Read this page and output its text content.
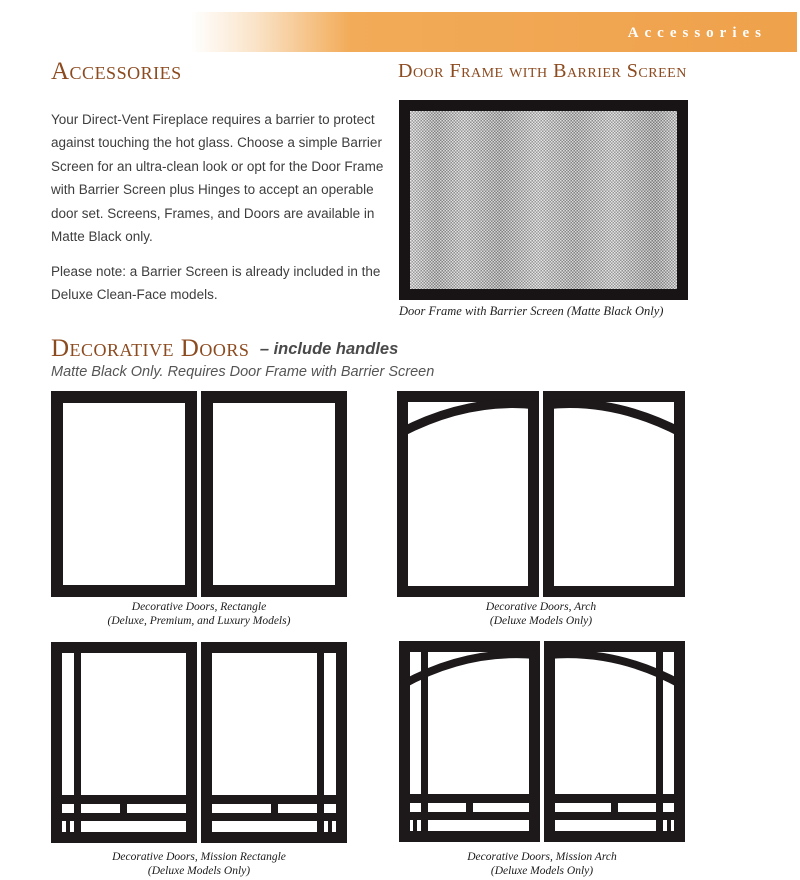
Accessories
Accessories

Your Direct-Vent Fireplace requires a barrier to protect against touching the hot glass. Choose a simple Barrier Screen for an ultra-clean look or opt for the Door Frame with Barrier Screen plus Hinges to accept an operable door set. Screens, Frames, and Doors are available in Matte Black only.

Please note: a Barrier Screen is already included in the Deluxe Clean-Face models.

Door Frame with Barrier Screen
Door Frame with Barrier Screen (Matte Black Only)
Decorative Doors – include handles
Matte Black Only. Requires Door Frame with Barrier Screen
Decorative Doors, Rectangle
(Deluxe, Premium, and Luxury Models)
Decorative Doors, Arch
(Deluxe Models Only)
Decorative Doors, Mission Rectangle
(Deluxe Models Only)
Decorative Doors, Mission Arch
(Deluxe Models Only)
